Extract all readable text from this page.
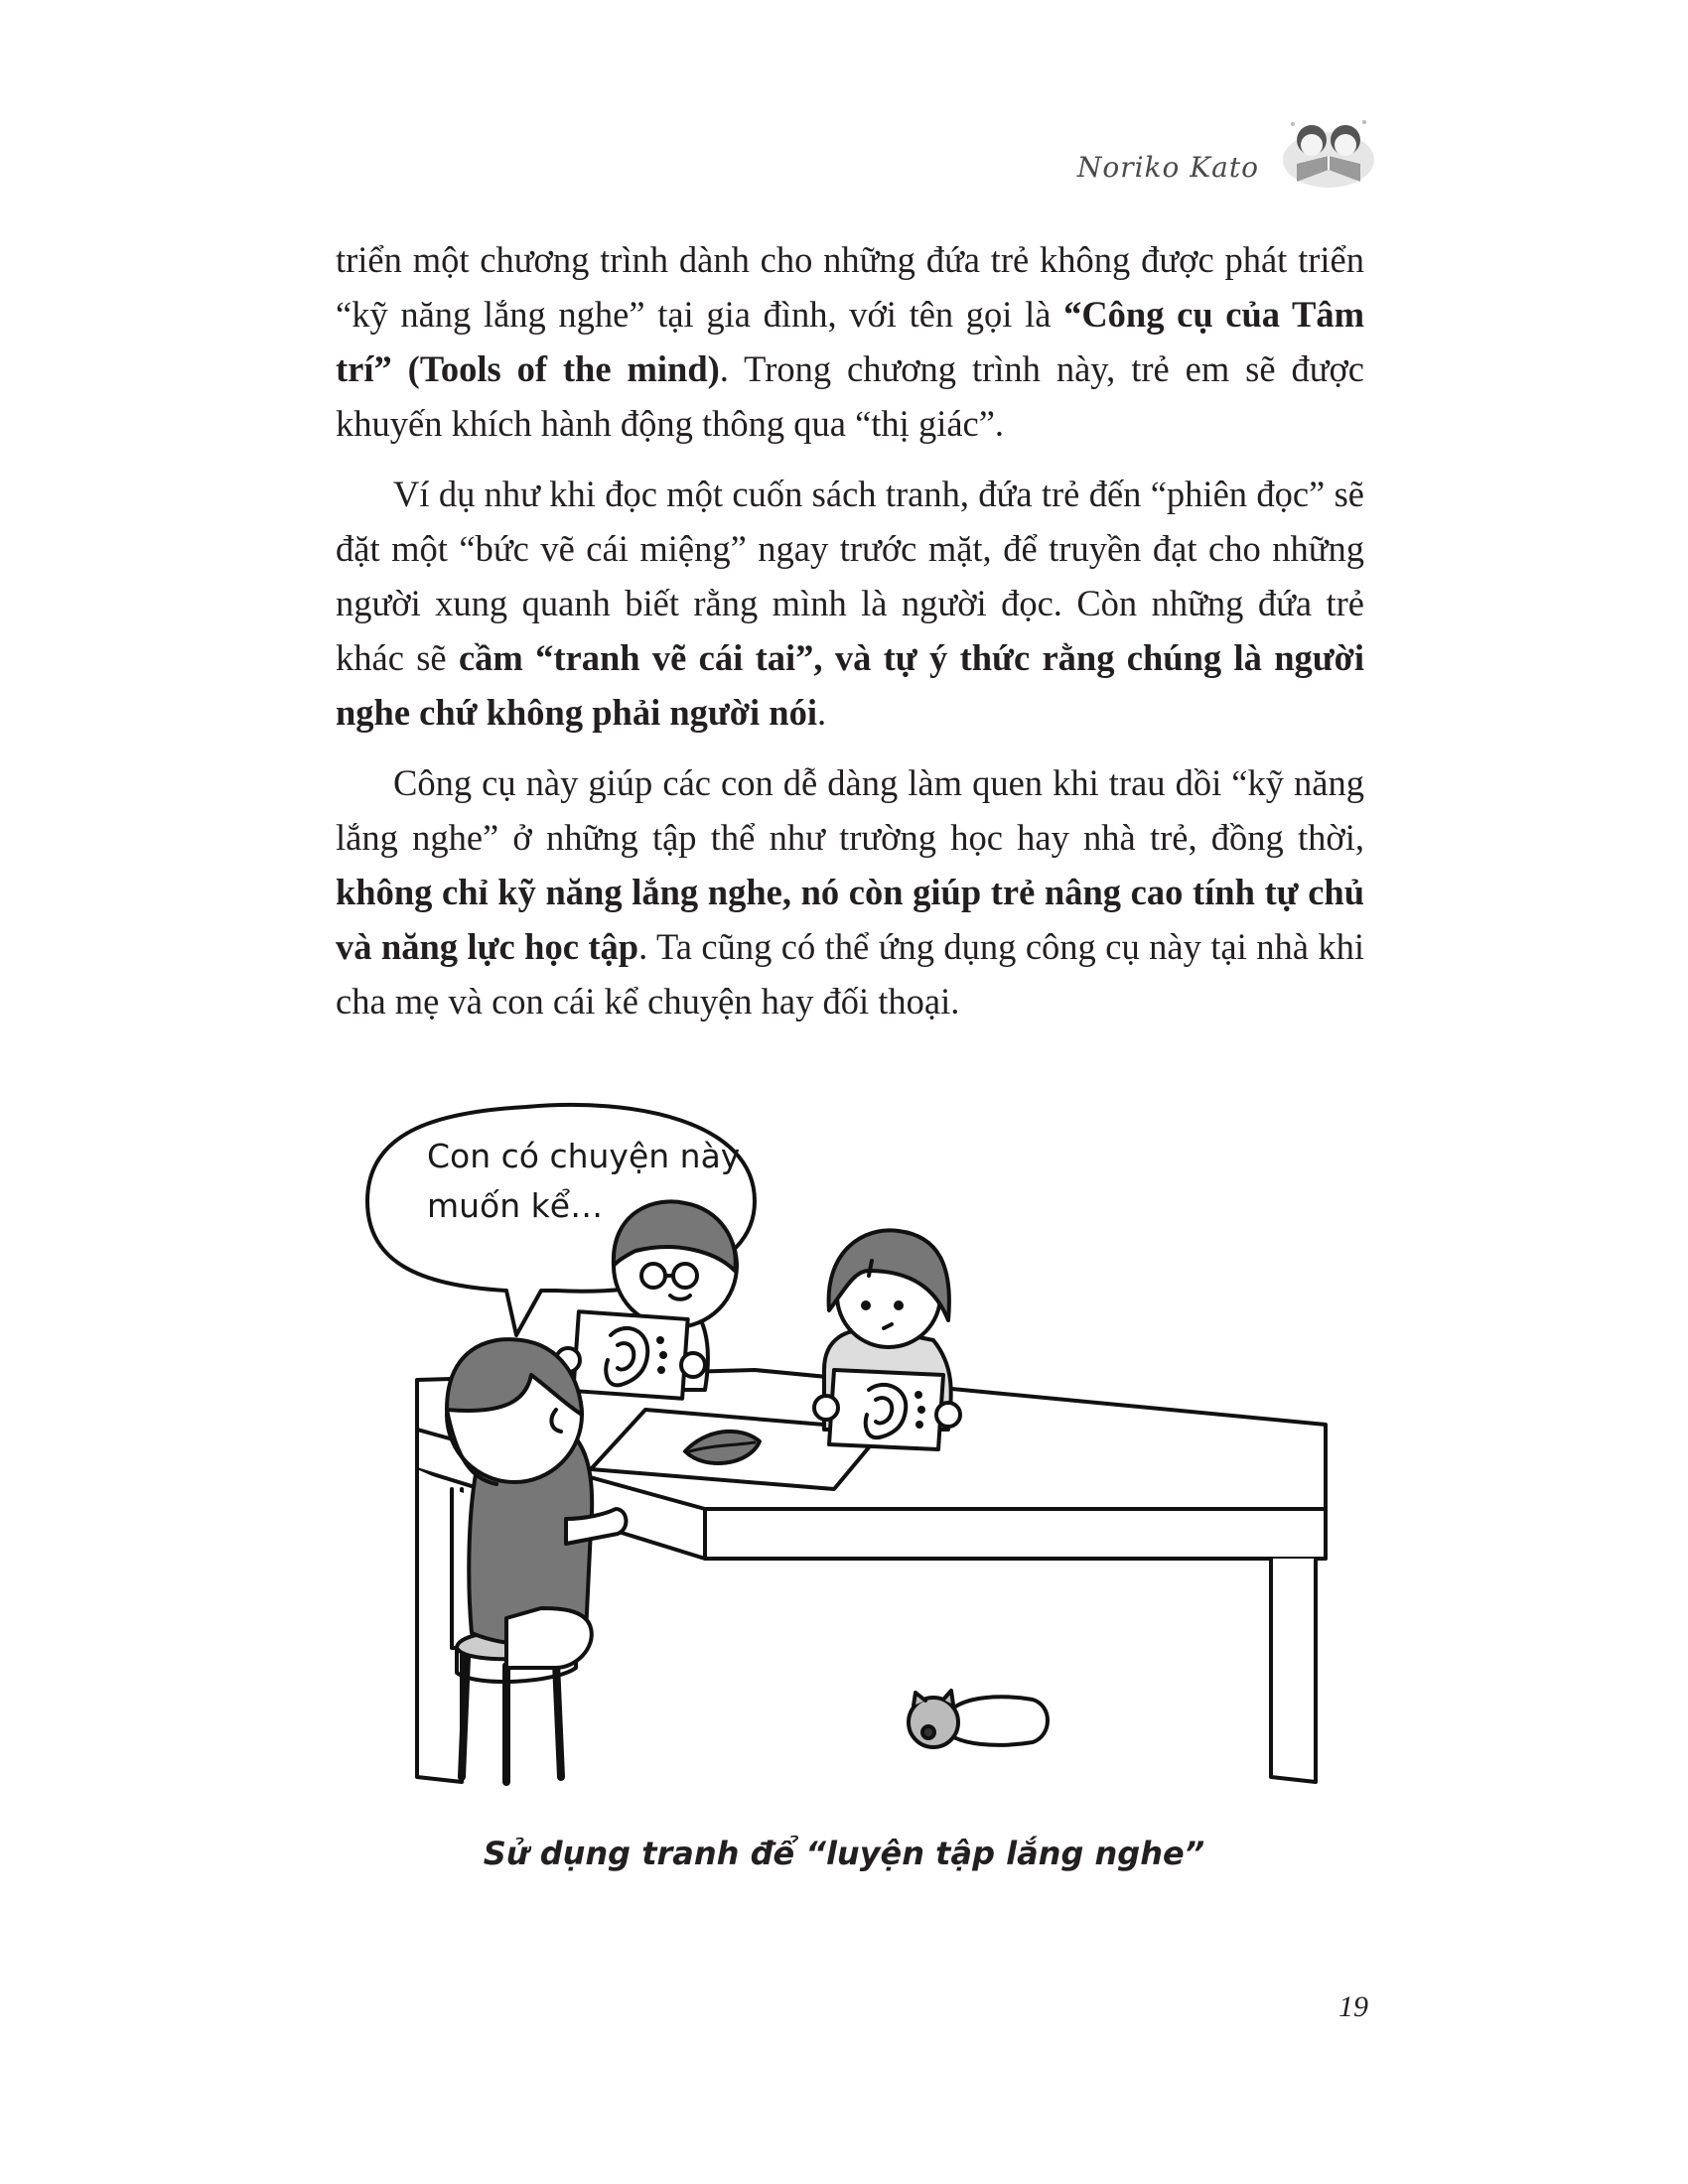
Noriko Kato

triển một chương trình dành cho những đứa trẻ không được phát triển “kỹ năng lắng nghe” tại gia đình, với tên gọi là “Công cụ của Tâm trí” (Tools of the mind). Trong chương trình này, trẻ em sẽ được khuyến khích hành động thông qua “thị giác”.

Ví dụ như khi đọc một cuốn sách tranh, đứa trẻ đến “phiên đọc” sẽ đặt một “bức vẽ cái miệng” ngay trước mặt, để truyền đạt cho những người xung quanh biết rằng mình là người đọc. Còn những đứa trẻ khác sẽ cầm “tranh vẽ cái tai”, và tự ý thức rằng chúng là người nghe chứ không phải người nói.

Công cụ này giúp các con dễ dàng làm quen khi trau dồi “kỹ năng lắng nghe” ở những tập thể như trường học hay nhà trẻ, đồng thời, không chỉ kỹ năng lắng nghe, nó còn giúp trẻ nâng cao tính tự chủ và năng lực học tập. Ta cũng có thể ứng dụng công cụ này tại nhà khi cha mẹ và con cái kể chuyện hay đối thoại.

Con có chuyện này muốn kể…
Sử dụng tranh để “luyện tập lắng nghe”
19
